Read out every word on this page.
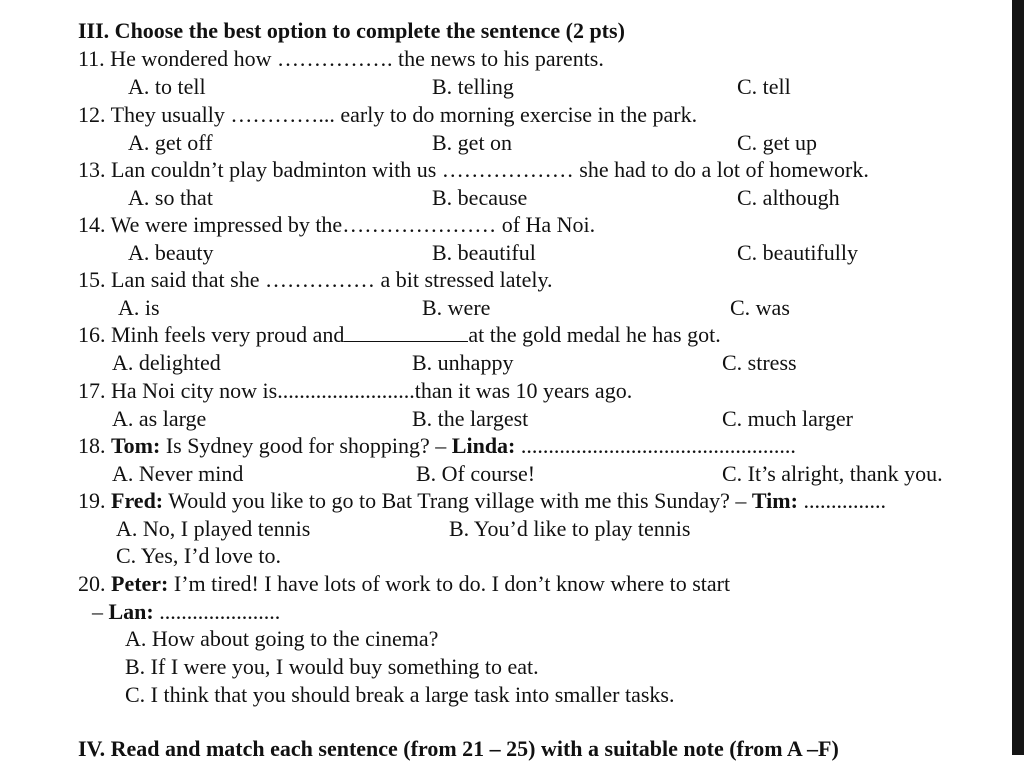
III. Choose the best option to complete the sentence (2 pts)
11. He wondered how ……………. the news to his parents.
A. to tell	B. telling	C. tell
12. They usually …………... early to do morning exercise in the park.
A. get off	B. get on	C. get up
13. Lan couldn’t play badminton with us ……………… she had to do a lot of homework.
A. so that	B. because	C. although
14. We were impressed by the………………… of Ha Noi.
A. beauty	B. beautiful	C. beautifully
15. Lan said that she …………… a bit stressed lately.
A. is	B. were	C. was
16. Minh feels very proud and	at the gold medal he has got.
A. delighted	B. unhappy	C. stress
17. Ha Noi city now is.........................than it was 10 years ago.
A. as large	B. the largest	C. much larger
18. Tom: Is Sydney good for shopping? – Linda: ..................................................
A. Never mind	B. Of course!	C. It’s alright, thank you.
19. Fred: Would you like to go to Bat Trang village with me this Sunday? – Tim: ...............
A. No, I played tennis	B. You’d like to play tennis
C. Yes, I’d love to.
20. Peter: I’m tired! I have lots of work to do. I don’t know where to start
– Lan: ......................
A. How about going to the cinema?
B. If I were you, I would buy something to eat.
C. I think that you should break a large task into smaller tasks.
IV. Read and match each sentence (from 21 – 25) with a suitable note (from A –F)
